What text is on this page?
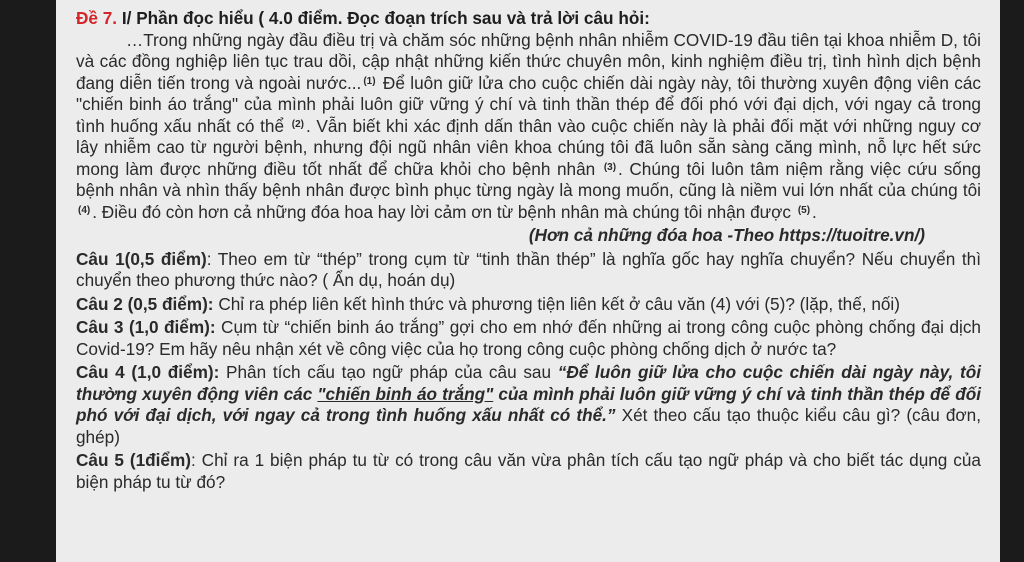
Đề 7. I/ Phần đọc hiểu ( 4.0 điểm. Đọc đoạn trích sau và trả lời câu hỏi:

…Trong những ngày đầu điều trị và chăm sóc những bệnh nhân nhiễm COVID-19 đầu tiên tại khoa nhiễm D, tôi và các đồng nghiệp liên tục trau dồi, cập nhật những kiến thức chuyên môn, kinh nghiệm điều trị, tình hình dịch bệnh đang diễn tiến trong và ngoài nước... $^{(1)}$ Để luôn giữ lửa cho cuộc chiến dài ngày này, tôi thường xuyên động viên các "chiến binh áo trắng" của mình phải luôn giữ vững ý chí và tinh thần thép để đối phó với đại dịch, với ngay cả trong tình huống xấu nhất có thể $^{(2)}$ . Vẫn biết khi xác định dấn thân vào cuộc chiến này là phải đối mặt với những nguy cơ lây nhiễm cao từ người bệnh, nhưng đội ngũ nhân viên khoa chúng tôi đã luôn sẵn sàng căng mình, nỗ lực hết sức mong làm được những điều tốt nhất để chữa khỏi cho bệnh nhân $^{(3)}$ . Chúng tôi luôn tâm niệm rằng việc cứu sống bệnh nhân và nhìn thấy bệnh nhân được bình phục từng ngày là mong muốn, cũng là niềm vui lớn nhất của chúng tôi $^{(4)}$ . Điều đó còn hơn cả những đóa hoa hay lời cảm ơn từ bệnh nhân mà chúng tôi nhận được $^{(5)}$ .

(Hơn cả những đóa hoa -Theo https://tuoitre.vn/)
Câu 1(0,5 điểm): Theo em từ “thép” trong cụm từ “tinh thần thép” là nghĩa gốc hay nghĩa chuyển? Nếu chuyển thì chuyển theo phương thức nào? ( Ẩn dụ, hoán dụ)
Câu 2 (0,5 điểm): Chỉ ra phép liên kết hình thức và phương tiện liên kết ở câu văn (4) với (5)? (lặp, thế, nối)
Câu 3 (1,0 điểm): Cụm từ “chiến binh áo trắng” gợi cho em nhớ đến những ai trong công cuộc phòng chống đại dịch Covid-19? Em hãy nêu nhận xét về công việc của họ trong công cuộc phòng chống dịch ở nước ta?
Câu 4 (1,0 điểm): Phân tích cấu tạo ngữ pháp của câu sau “Để luôn giữ lửa cho cuộc chiến dài ngày này, tôi thường xuyên động viên các "chiến binh áo trắng" của mình phải luôn giữ vững ý chí và tinh thần thép để đối phó với đại dịch, với ngay cả trong tình huống xấu nhất có thể.” Xét theo cấu tạo thuộc kiểu câu gì? (câu đơn, ghép)
Câu 5 (1điểm): Chỉ ra 1 biện pháp tu từ có trong câu văn vừa phân tích cấu tạo ngữ pháp và cho biết tác dụng của biện pháp tu từ đó?
